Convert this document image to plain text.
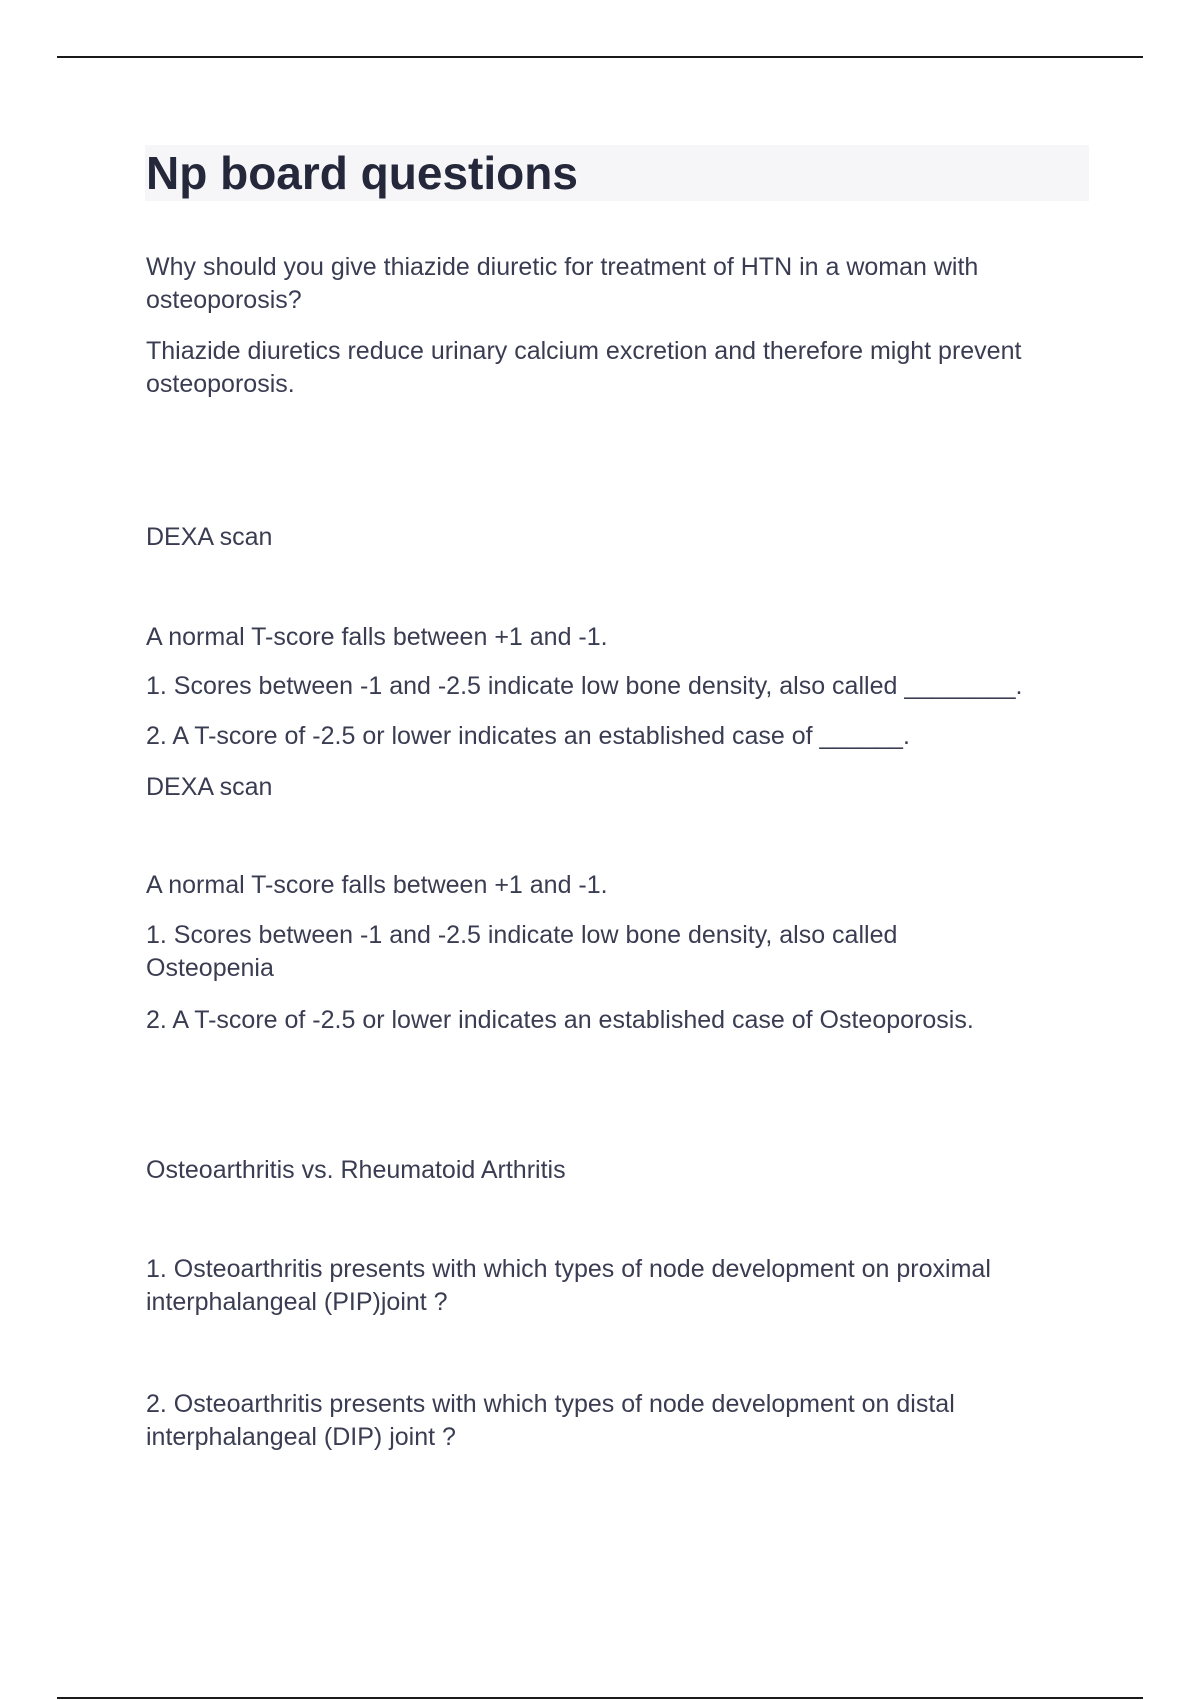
Np board questions

Why should you give thiazide diuretic for treatment of HTN in a woman with osteoporosis?

Thiazide diuretics reduce urinary calcium excretion and therefore might prevent osteoporosis.

DEXA scan

A normal T-score falls between +1 and -1.

1. Scores between -1 and -2.5 indicate low bone density, also called ________.

2. A T-score of -2.5 or lower indicates an established case of ______.

DEXA scan

A normal T-score falls between +1 and -1.

1. Scores between -1 and -2.5 indicate low bone density, also called Osteopenia

2. A T-score of -2.5 or lower indicates an established case of Osteoporosis.

Osteoarthritis vs. Rheumatoid Arthritis

1. Osteoarthritis presents with which types of node development on proximal interphalangeal (PIP)joint ?

2. Osteoarthritis presents with which types of node development on distal interphalangeal (DIP) joint ?
